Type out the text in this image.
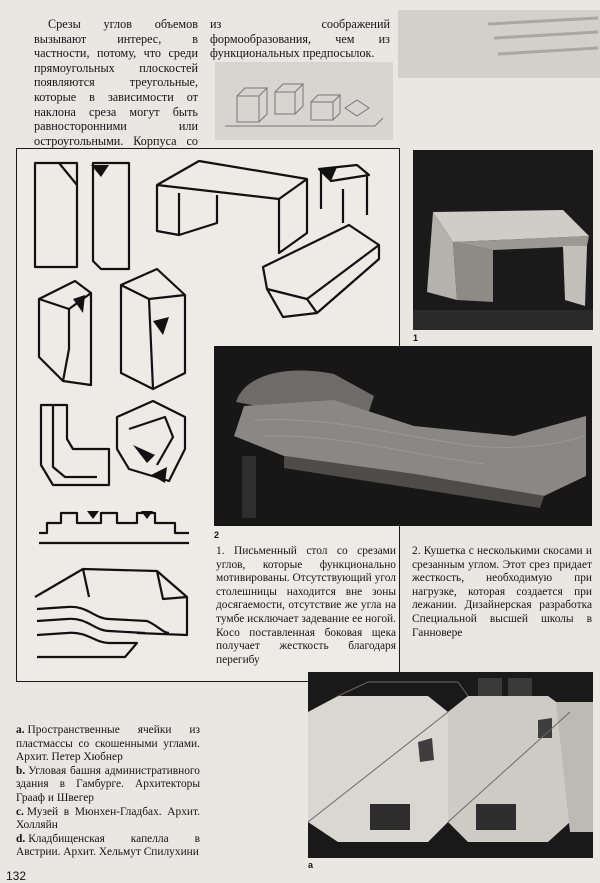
Срезы углов объемов вызывают интерес, в частности, потому, что среди прямоугольных плоскостей появляются треугольные, которые в зависимости от наклона среза могут быть равносторонними или остроугольными. Корпуса со

из соображений формообразования, чем из функциональных предпосылок.

1
2
1. Письменный стол со срезами углов, которые функционально мотивированы. Отсутствующий угол столешницы находится вне зоны досягаемости, отсутствие же угла на тумбе исключает задевание ее ногой. Косо поставленная боковая щека получает жесткость благодаря перегибу
2. Кушетка с несколькими скосами и срезанным углом. Этот срез придает жесткость, необходимую при нагрузке, которая создается при лежании. Дизайнерская разработка Специальной высшей школы в Ганновере
a. Пространственные ячейки из пластмассы со скошенными углами. Архит. Петер Хюбнер
b. Угловая башня административного здания в Гамбурге. Архитекторы Грааф и Швегер
c. Музей в Мюнхен-Гладбах. Архит. Холляйн
d. Кладбищенская капелла в Австрии. Архит. Хельмут Спилухини
а
132
